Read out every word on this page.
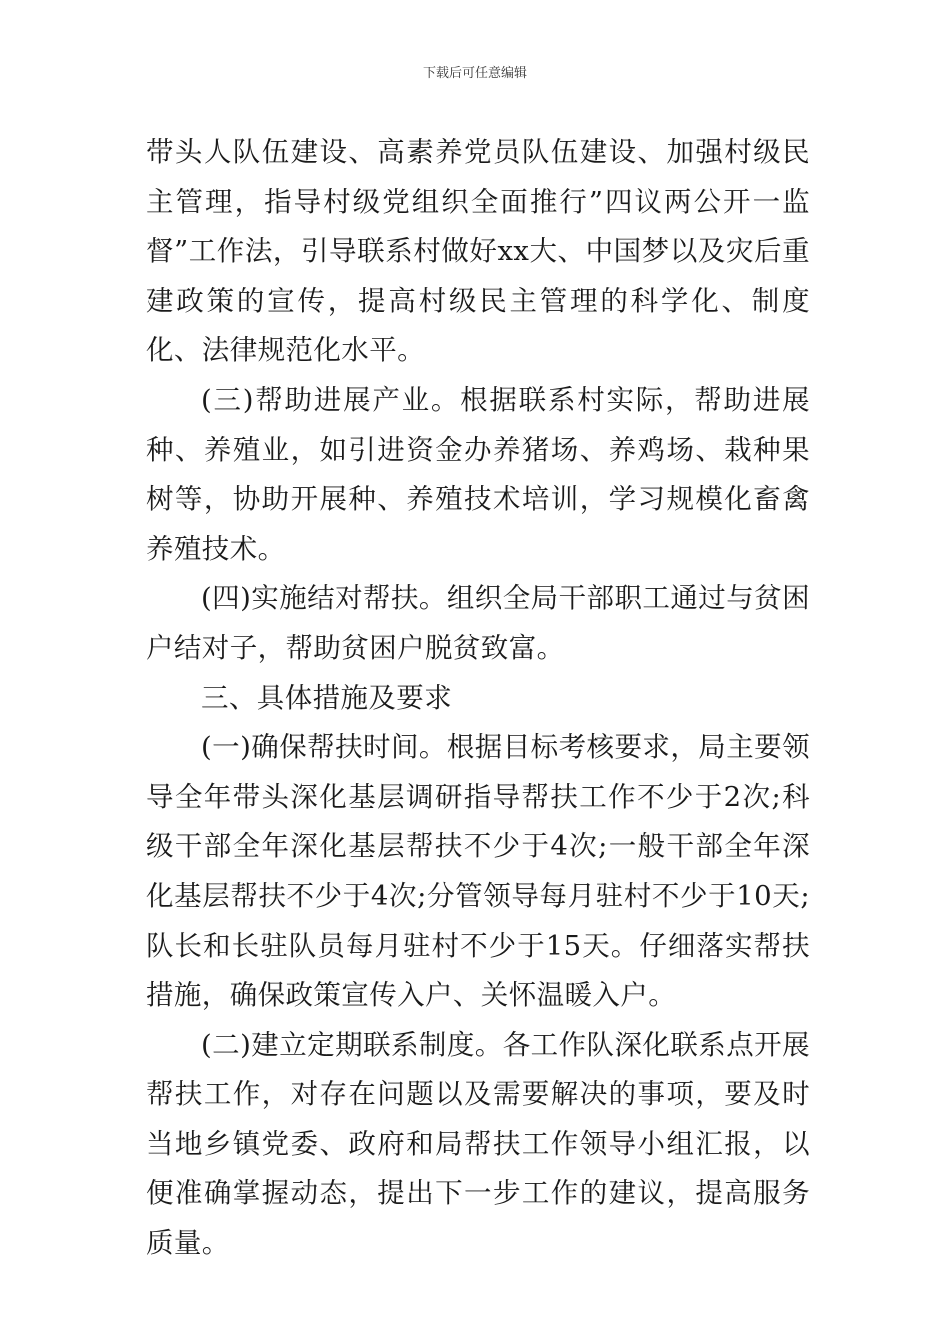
下载后可任意编辑

带头人队伍建设、高素养党员队伍建设、加强村级民主管理，指导村级党组织全面推行”四议两公开一监督”工作法，引导联系村做好xx大、中国梦以及灾后重建政策的宣传，提高村级民主管理的科学化、制度化、法律规范化水平。

(三)帮助进展产业。根据联系村实际，帮助进展种、养殖业，如引进资金办养猪场、养鸡场、栽种果树等，协助开展种、养殖技术培训，学习规模化畜禽养殖技术。

(四)实施结对帮扶。组织全局干部职工通过与贫困户结对子，帮助贫困户脱贫致富。

三、具体措施及要求

(一)确保帮扶时间。根据目标考核要求，局主要领导全年带头深化基层调研指导帮扶工作不少于2次;科级干部全年深化基层帮扶不少于4次;一般干部全年深化基层帮扶不少于4次;分管领导每月驻村不少于10天;队长和长驻队员每月驻村不少于15天。仔细落实帮扶措施，确保政策宣传入户、关怀温暖入户。

(二)建立定期联系制度。各工作队深化联系点开展帮扶工作，对存在问题以及需要解决的事项，要及时当地乡镇党委、政府和局帮扶工作领导小组汇报，以便准确掌握动态，提出下一步工作的建议，提高服务质量。
